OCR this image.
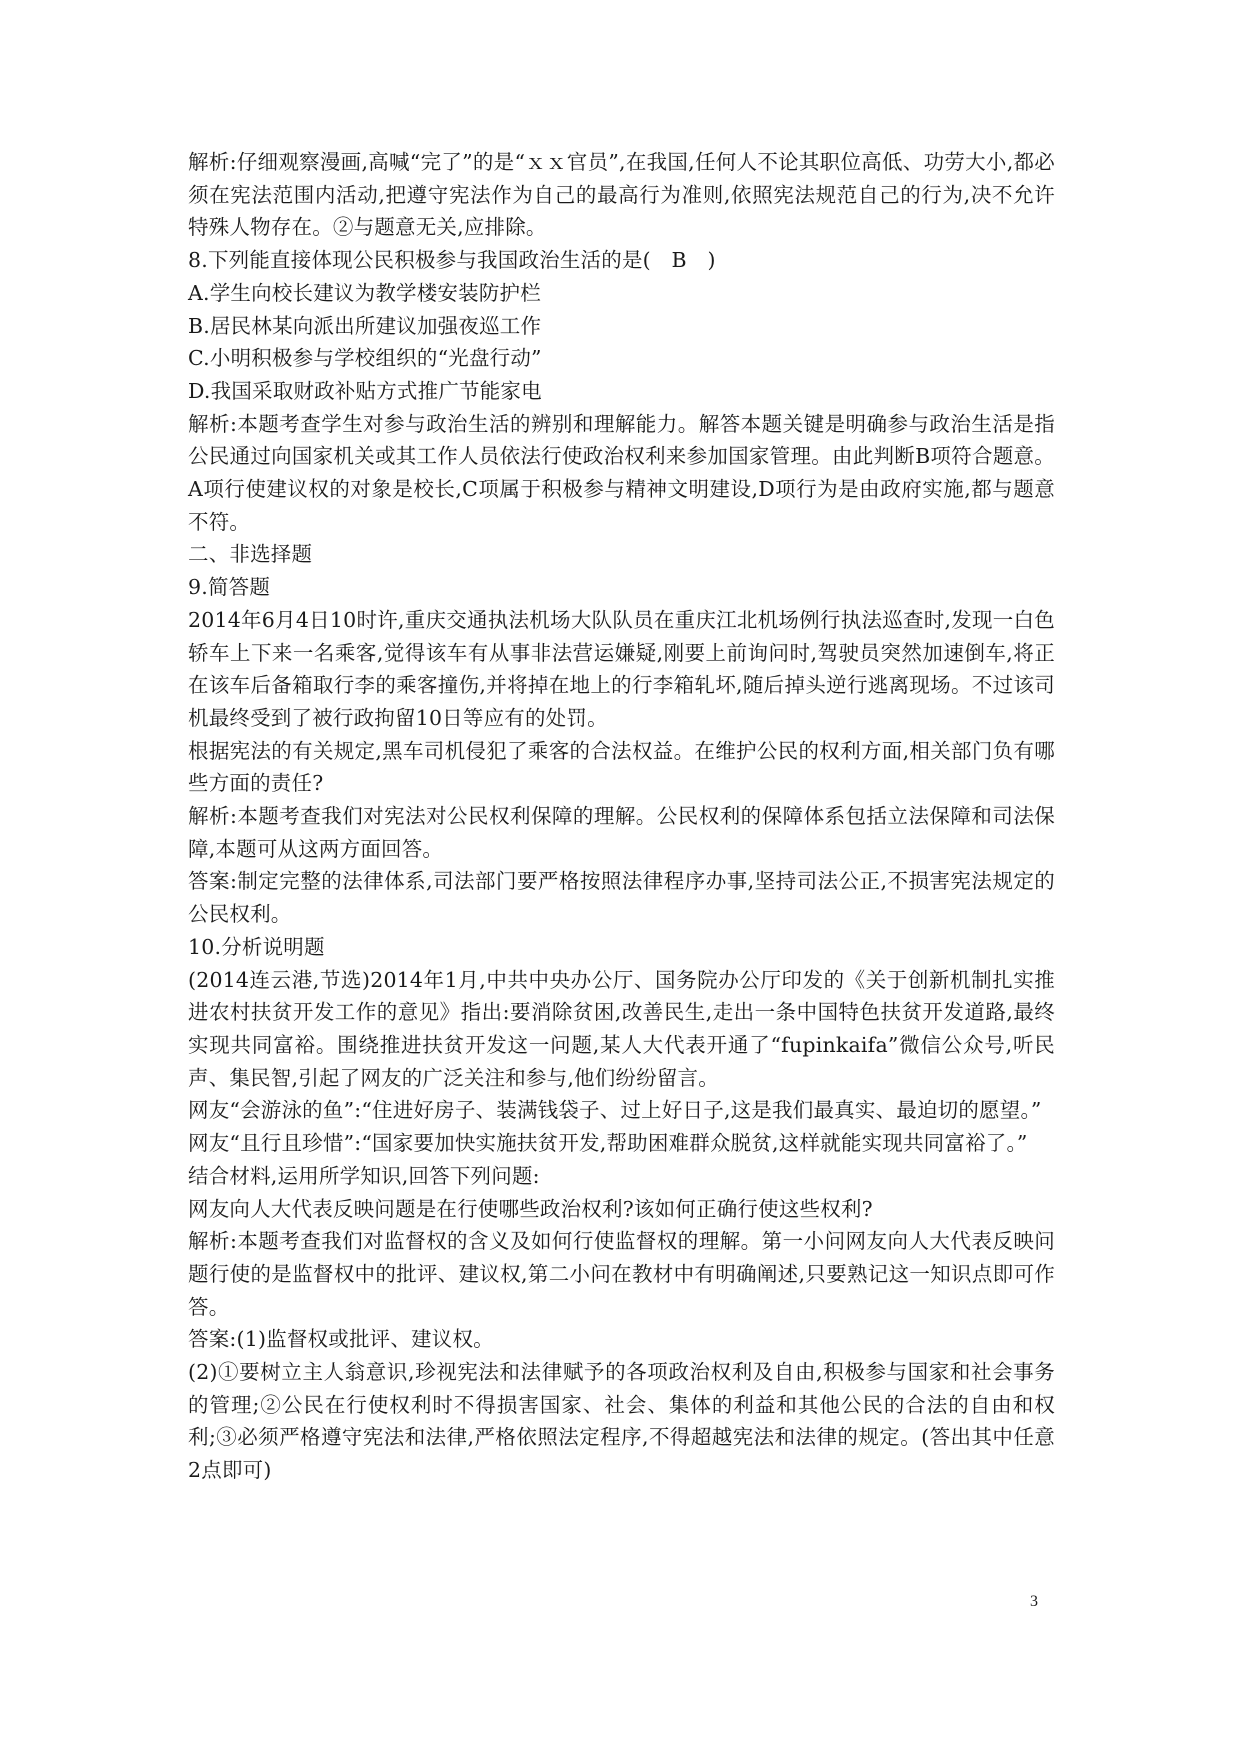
解析:仔细观察漫画,高喊“完了”的是“ｘｘ官员”,在我国,任何人不论其职位高低、功劳大小,都必须在宪法范围内活动,把遵守宪法作为自己的最高行为准则,依照宪法规范自己的行为,决不允许特殊人物存在。②与题意无关,应排除。

8.下列能直接体现公民积极参与我国政治生活的是(　B　)

A.学生向校长建议为教学楼安装防护栏

B.居民林某向派出所建议加强夜巡工作

C.小明积极参与学校组织的“光盘行动”

D.我国采取财政补贴方式推广节能家电

解析:本题考查学生对参与政治生活的辨别和理解能力。解答本题关键是明确参与政治生活是指公民通过向国家机关或其工作人员依法行使政治权利来参加国家管理。由此判断B项符合题意。A项行使建议权的对象是校长,C项属于积极参与精神文明建设,D项行为是由政府实施,都与题意不符。

二、非选择题

9.简答题

2014年6月4日10时许,重庆交通执法机场大队队员在重庆江北机场例行执法巡查时,发现一白色轿车上下来一名乘客,觉得该车有从事非法营运嫌疑,刚要上前询问时,驾驶员突然加速倒车,将正在该车后备箱取行李的乘客撞伤,并将掉在地上的行李箱轧坏,随后掉头逆行逃离现场。不过该司机最终受到了被行政拘留10日等应有的处罚。

根据宪法的有关规定,黑车司机侵犯了乘客的合法权益。在维护公民的权利方面,相关部门负有哪些方面的责任?

解析:本题考查我们对宪法对公民权利保障的理解。公民权利的保障体系包括立法保障和司法保障,本题可从这两方面回答。

答案:制定完整的法律体系,司法部门要严格按照法律程序办事,坚持司法公正,不损害宪法规定的公民权利。

10.分析说明题

(2014连云港,节选)2014年1月,中共中央办公厅、国务院办公厅印发的《关于创新机制扎实推进农村扶贫开发工作的意见》指出:要消除贫困,改善民生,走出一条中国特色扶贫开发道路,最终实现共同富裕。围绕推进扶贫开发这一问题,某人大代表开通了“fupinkaifa”微信公众号,听民声、集民智,引起了网友的广泛关注和参与,他们纷纷留言。

网友“会游泳的鱼”:“住进好房子、装满钱袋子、过上好日子,这是我们最真实、最迫切的愿望。”

网友“且行且珍惜”:“国家要加快实施扶贫开发,帮助困难群众脱贫,这样就能实现共同富裕了。”

结合材料,运用所学知识,回答下列问题:

网友向人大代表反映问题是在行使哪些政治权利?该如何正确行使这些权利?

解析:本题考查我们对监督权的含义及如何行使监督权的理解。第一小问网友向人大代表反映问题行使的是监督权中的批评、建议权,第二小问在教材中有明确阐述,只要熟记这一知识点即可作答。

答案:(1)监督权或批评、建议权。

(2)①要树立主人翁意识,珍视宪法和法律赋予的各项政治权利及自由,积极参与国家和社会事务的管理;②公民在行使权利时不得损害国家、社会、集体的利益和其他公民的合法的自由和权利;③必须严格遵守宪法和法律,严格依照法定程序,不得超越宪法和法律的规定。(答出其中任意2点即可)

3
